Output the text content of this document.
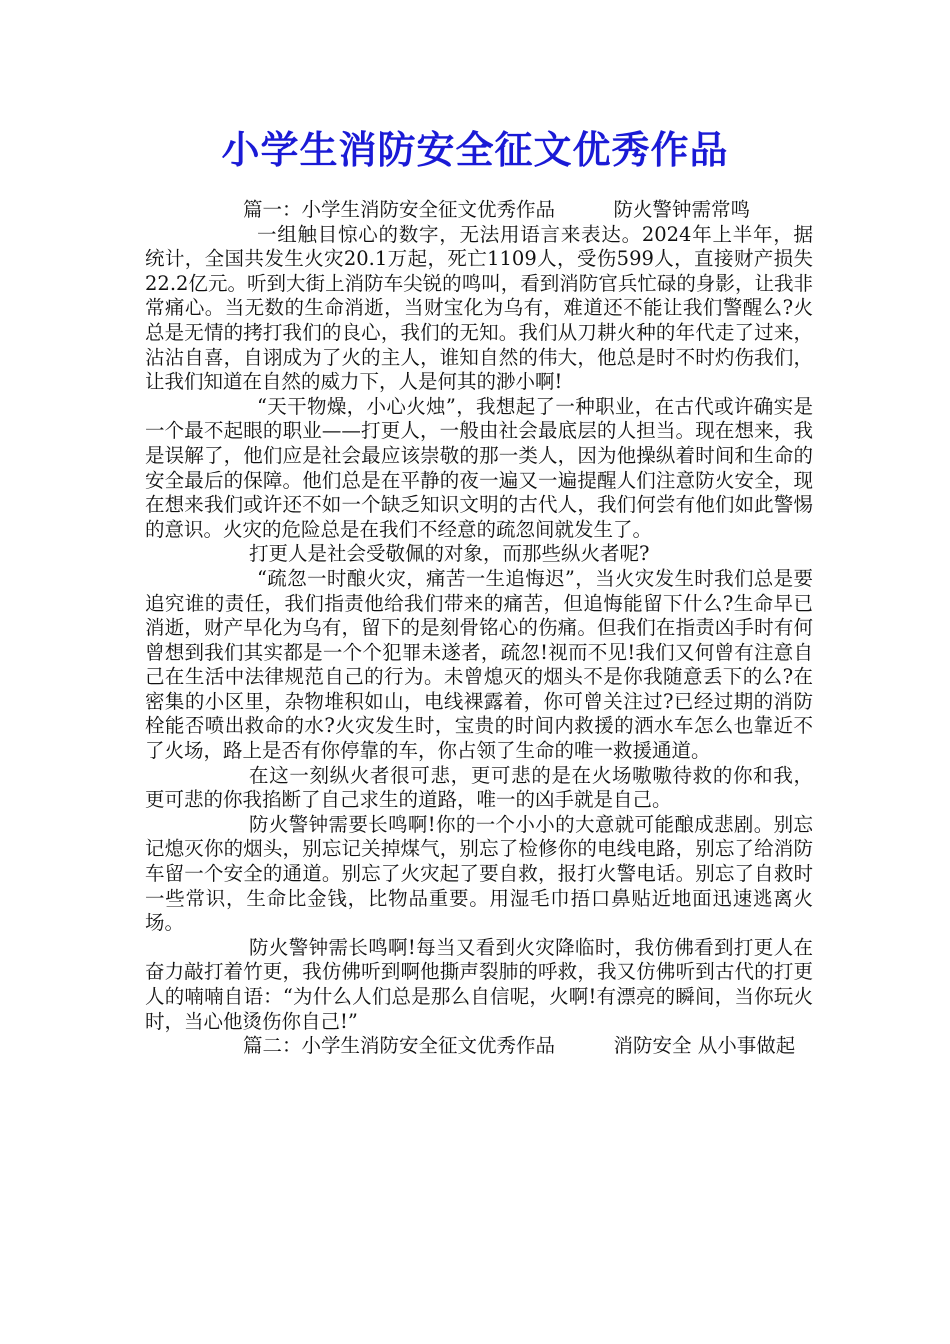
小学生消防安全征文优秀作品

篇一：小学生消防安全征文优秀作品　　　防火警钟需常鸣

一组触目惊心的数字，无法用语言来表达。2024年上半年，据统计，全国共发生火灾20.1万起，死亡1109人，受伤599人，直接财产损失22.2亿元。听到大街上消防车尖锐的鸣叫，看到消防官兵忙碌的身影，让我非常痛心。当无数的生命消逝，当财宝化为乌有，难道还不能让我们警醒么?火总是无情的拷打我们的良心，我们的无知。我们从刀耕火种的年代走了过来，沾沾自喜，自诩成为了火的主人，谁知自然的伟大，他总是时不时灼伤我们，让我们知道在自然的威力下，人是何其的渺小啊!

“天干物燥，小心火烛”，我想起了一种职业，在古代或许确实是一个最不起眼的职业——打更人，一般由社会最底层的人担当。现在想来，我是误解了，他们应是社会最应该崇敬的那一类人，因为他操纵着时间和生命的安全最后的保障。他们总是在平静的夜一遍又一遍提醒人们注意防火安全，现在想来我们或许还不如一个缺乏知识文明的古代人，我们何尝有他们如此警惕的意识。火灾的危险总是在我们不经意的疏忽间就发生了。

打更人是社会受敬佩的对象，而那些纵火者呢?

“疏忽一时酿火灾，痛苦一生追悔迟”，当火灾发生时我们总是要追究谁的责任，我们指责他给我们带来的痛苦，但追悔能留下什么?生命早已消逝，财产早化为乌有，留下的是刻骨铭心的伤痛。但我们在指责凶手时有何曾想到我们其实都是一个个犯罪未遂者，疏忽!视而不见!我们又何曾有注意自己在生活中法律规范自己的行为。未曾熄灭的烟头不是你我随意丢下的么?在密集的小区里，杂物堆积如山，电线裸露着，你可曾关注过?已经过期的消防栓能否喷出救命的水?火灾发生时，宝贵的时间内救援的洒水车怎么也靠近不了火场，路上是否有你停靠的车，你占领了生命的唯一救援通道。

在这一刻纵火者很可悲，更可悲的是在火场嗷嗷待救的你和我，更可悲的你我掐断了自己求生的道路，唯一的凶手就是自己。

防火警钟需要长鸣啊!你的一个小小的大意就可能酿成悲剧。别忘记熄灭你的烟头，别忘记关掉煤气，别忘了检修你的电线电路，别忘了给消防车留一个安全的通道。别忘了火灾起了要自救，报打火警电话。别忘了自救时一些常识，生命比金钱，比物品重要。用湿毛巾捂口鼻贴近地面迅速逃离火场。

防火警钟需长鸣啊!每当又看到火灾降临时，我仿佛看到打更人在奋力敲打着竹更，我仿佛听到啊他撕声裂肺的呼救，我又仿佛听到古代的打更人的喃喃自语：“为什么人们总是那么自信呢，火啊!有漂亮的瞬间，当你玩火时，当心他烫伤你自己!”

篇二：小学生消防安全征文优秀作品　　　消防安全 从小事做起
